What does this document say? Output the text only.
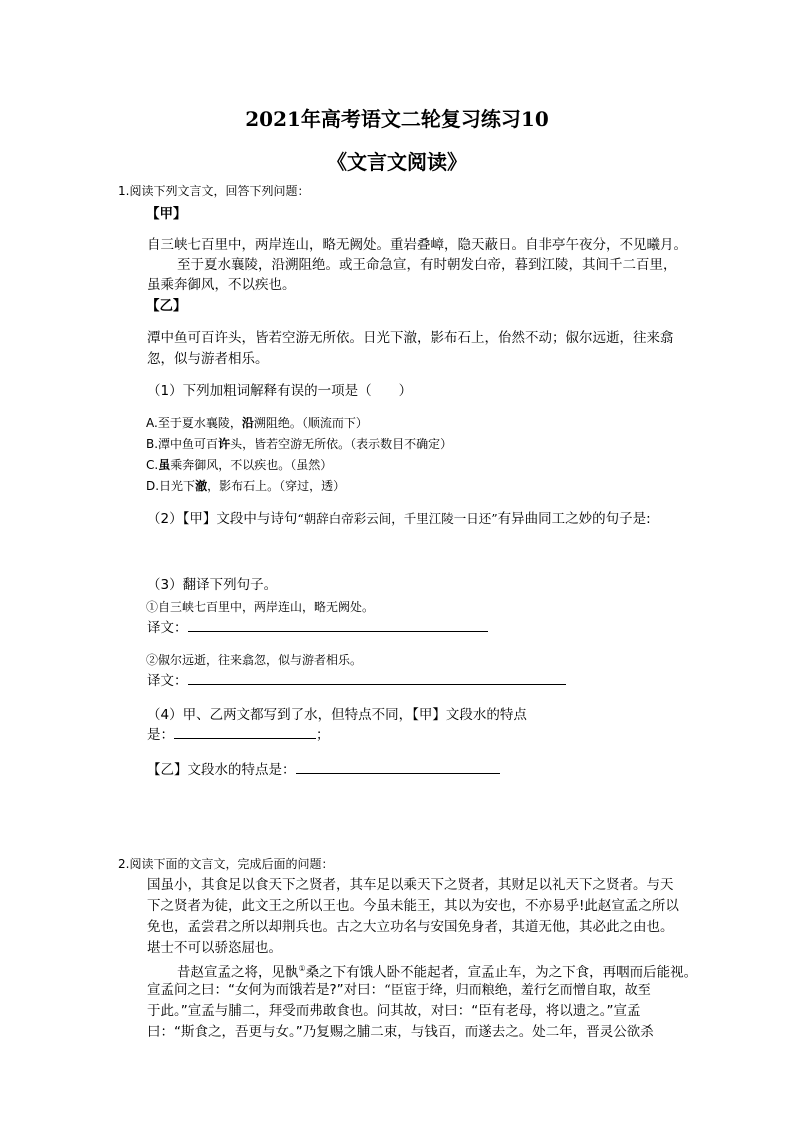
2021年高考语文二轮复习练习10
《文言文阅读》
1.阅读下列文言文，回答下列问题：
【甲】
自三峡七百里中，两岸连山，略无阙处。重岩叠嶂，隐天蔽日。自非亭午夜分，不见曦月。
至于夏水襄陵，沿溯阻绝。或王命急宣，有时朝发白帝，暮到江陵，其间千二百里，
虽乘奔御风，不以疾也。
【乙】
潭中鱼可百许头，皆若空游无所依。日光下澈，影布石上，佁然不动；俶尔远逝，往来翕
忽，似与游者相乐。
（1）下列加粗词解释有误的一项是（　　）
A.至于夏水襄陵，沿溯阻绝。（顺流而下）
B.潭中鱼可百许头，皆若空游无所依。（表示数目不确定）
C.虽乘奔御风，不以疾也。（虽然）
D.日光下澈，影布石上。（穿过，透）
（2）【甲】文段中与诗句“朝辞白帝彩云间，千里江陵一日还”有异曲同工之妙的句子是:
（3）翻译下列句子。
①自三峡七百里中，两岸连山，略无阙处。
译文：
②俶尔远逝，往来翕忽，似与游者相乐。
译文：
（4）甲、乙两文都写到了水，但特点不同，【甲】文段水的特点
是：	；
【乙】文段水的特点是：
2.阅读下面的文言文，完成后面的问题：
国虽小，其食足以食天下之贤者，其车足以乘天下之贤者，其财足以礼天下之贤者。与天
下之贤者为徒，此文王之所以王也。今虽未能王，其以为安也，不亦易乎!此赵宣孟之所以
免也，孟尝君之所以却荆兵也。古之大立功名与安国免身者，其道无他，其必此之由也。
堪士不可以骄恣屈也。
昔赵宣孟之将，见骫①桑之下有饿人卧不能起者，宣孟止车，为之下食，再咽而后能视。
宣孟问之曰：“女何为而饿若是?”对曰：“臣宦于绛，归而粮绝，羞行乞而憎自取，故至
于此。”宣孟与脯二，拜受而弗敢食也。问其故，对曰：“臣有老母，将以遗之。”宣孟
曰：“斯食之，吾更与女。”乃复赐之脯二束，与钱百，而遂去之。处二年，晋灵公欲杀
